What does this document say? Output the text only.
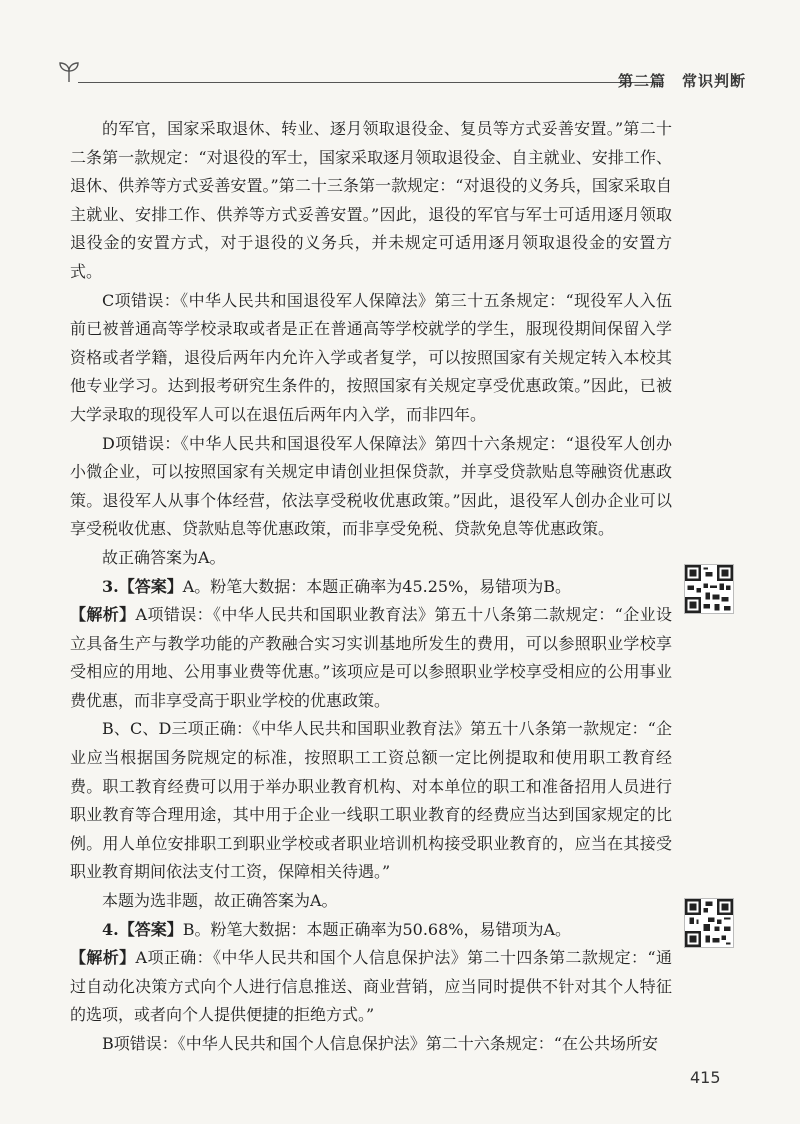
第二篇　常识判断

的军官，国家采取退休、转业、逐月领取退役金、复员等方式妥善安置。”第二十二条第一款规定：“对退役的军士，国家采取逐月领取退役金、自主就业、安排工作、退休、供养等方式妥善安置。”第二十三条第一款规定：“对退役的义务兵，国家采取自主就业、安排工作、供养等方式妥善安置。”因此，退役的军官与军士可适用逐月领取退役金的安置方式，对于退役的义务兵，并未规定可适用逐月领取退役金的安置方式。

C项错误：《中华人民共和国退役军人保障法》第三十五条规定：“现役军人入伍前已被普通高等学校录取或者是正在普通高等学校就学的学生，服现役期间保留入学资格或者学籍，退役后两年内允许入学或者复学，可以按照国家有关规定转入本校其他专业学习。达到报考研究生条件的，按照国家有关规定享受优惠政策。”因此，已被大学录取的现役军人可以在退伍后两年内入学，而非四年。

D项错误：《中华人民共和国退役军人保障法》第四十六条规定：“退役军人创办小微企业，可以按照国家有关规定申请创业担保贷款，并享受贷款贴息等融资优惠政策。退役军人从事个体经营，依法享受税收优惠政策。”因此，退役军人创办企业可以享受税收优惠、贷款贴息等优惠政策，而非享受免税、贷款免息等优惠政策。

故正确答案为A。

3.【答案】A。粉笔大数据：本题正确率为45.25%，易错项为B。

【解析】A项错误：《中华人民共和国职业教育法》第五十八条第二款规定：“企业设立具备生产与教学功能的产教融合实习实训基地所发生的费用，可以参照职业学校享受相应的用地、公用事业费等优惠。”该项应是可以参照职业学校享受相应的公用事业费优惠，而非享受高于职业学校的优惠政策。

B、C、D三项正确：《中华人民共和国职业教育法》第五十八条第一款规定：“企业应当根据国务院规定的标准，按照职工工资总额一定比例提取和使用职工教育经费。职工教育经费可以用于举办职业教育机构、对本单位的职工和准备招用人员进行职业教育等合理用途，其中用于企业一线职工职业教育的经费应当达到国家规定的比例。用人单位安排职工到职业学校或者职业培训机构接受职业教育的，应当在其接受职业教育期间依法支付工资，保障相关待遇。”

本题为选非题，故正确答案为A。

4.【答案】B。粉笔大数据：本题正确率为50.68%，易错项为A。

【解析】A项正确：《中华人民共和国个人信息保护法》第二十四条第二款规定：“通过自动化决策方式向个人进行信息推送、商业营销，应当同时提供不针对其个人特征的选项，或者向个人提供便捷的拒绝方式。”

B项错误：《中华人民共和国个人信息保护法》第二十六条规定：“在公共场所安

415
